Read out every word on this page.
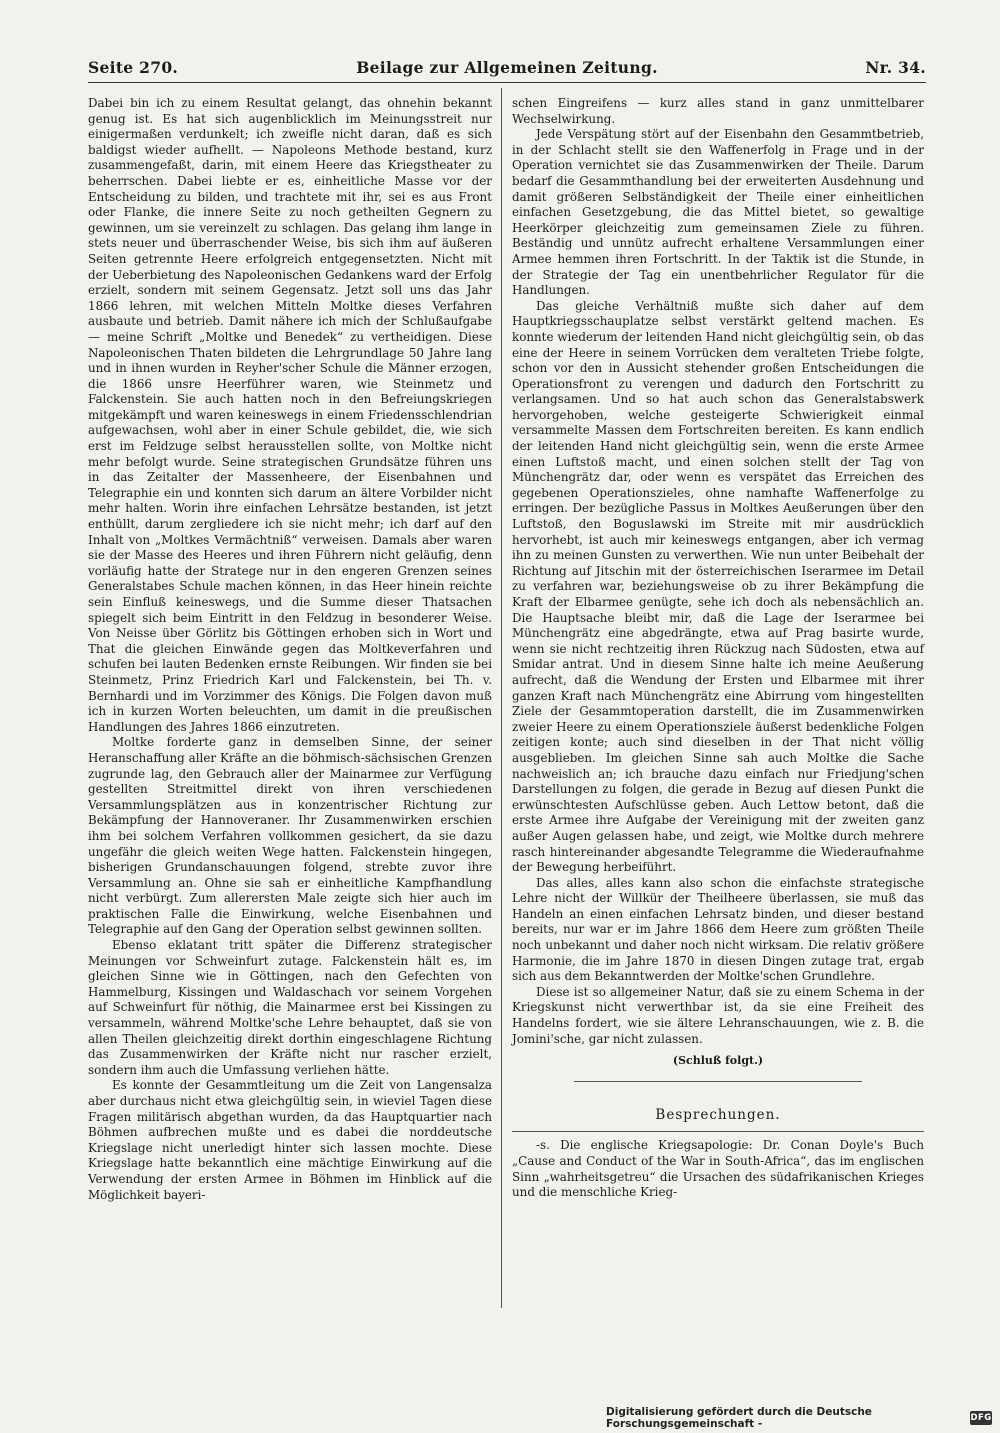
Seite 270.	Beilage zur Allgemeinen Zeitung.	Nr. 34.

Dabei bin ich zu einem Resultat gelangt, das ohnehin bekannt genug ist. Es hat sich augenblicklich im Meinungsstreit nur einigermaßen verdunkelt; ich zweifle nicht daran, daß es sich baldigst wieder aufhellt. — Napoleons Methode bestand, kurz zusammengefaßt, darin, mit einem Heere das Kriegstheater zu beherrschen. Dabei liebte er es, einheitliche Masse vor der Entscheidung zu bilden, und trachtete mit ihr, sei es aus Front oder Flanke, die innere Seite zu noch getheilten Gegnern zu gewinnen, um sie vereinzelt zu schlagen. Das gelang ihm lange in stets neuer und überraschender Weise, bis sich ihm auf äußeren Seiten getrennte Heere erfolgreich entgegensetzten. Nicht mit der Ueberbietung des Napoleonischen Gedankens ward der Erfolg erzielt, sondern mit seinem Gegensatz. Jetzt soll uns das Jahr 1866 lehren, mit welchen Mitteln Moltke dieses Verfahren ausbaute und betrieb. Damit nähere ich mich der Schlußaufgabe — meine Schrift „Moltke und Benedek“ zu vertheidigen. Diese Napoleonischen Thaten bildeten die Lehrgrundlage 50 Jahre lang und in ihnen wurden in Reyher'scher Schule die Männer erzogen, die 1866 unsre Heerführer waren, wie Steinmetz und Falckenstein. Sie auch hatten noch in den Befreiungskriegen mitgekämpft und waren keineswegs in einem Friedensschlendrian aufgewachsen, wohl aber in einer Schule gebildet, die, wie sich erst im Feldzuge selbst herausstellen sollte, von Moltke nicht mehr befolgt wurde. Seine strategischen Grundsätze führen uns in das Zeitalter der Massenheere, der Eisenbahnen und Telegraphie ein und konnten sich darum an ältere Vorbilder nicht mehr halten. Worin ihre einfachen Lehrsätze bestanden, ist jetzt enthüllt, darum zergliedere ich sie nicht mehr; ich darf auf den Inhalt von „Moltkes Vermächtniß“ verweisen. Damals aber waren sie der Masse des Heeres und ihren Führern nicht geläufig, denn vorläufig hatte der Stratege nur in den engeren Grenzen seines Generalstabes Schule machen können, in das Heer hinein reichte sein Einfluß keineswegs, und die Summe dieser Thatsachen spiegelt sich beim Eintritt in den Feldzug in besonderer Weise. Von Neisse über Görlitz bis Göttingen erhoben sich in Wort und That die gleichen Einwände gegen das Moltkeverfahren und schufen bei lauten Bedenken ernste Reibungen. Wir finden sie bei Steinmetz, Prinz Friedrich Karl und Falckenstein, bei Th. v. Bernhardi und im Vorzimmer des Königs. Die Folgen davon muß ich in kurzen Worten beleuchten, um damit in die preußischen Handlungen des Jahres 1866 einzutreten.

Moltke forderte ganz in demselben Sinne, der seiner Heranschaffung aller Kräfte an die böhmisch-sächsischen Grenzen zugrunde lag, den Gebrauch aller der Mainarmee zur Verfügung gestellten Streitmittel direkt von ihren verschiedenen Versammlungsplätzen aus in konzentrischer Richtung zur Bekämpfung der Hannoveraner. Ihr Zusammenwirken erschien ihm bei solchem Verfahren vollkommen gesichert, da sie dazu ungefähr die gleich weiten Wege hatten. Falckenstein hingegen, bisherigen Grundanschauungen folgend, strebte zuvor ihre Versammlung an. Ohne sie sah er einheitliche Kampfhandlung nicht verbürgt. Zum allerersten Male zeigte sich hier auch im praktischen Falle die Einwirkung, welche Eisenbahnen und Telegraphie auf den Gang der Operation selbst gewinnen sollten.

Ebenso eklatant tritt später die Differenz strategischer Meinungen vor Schweinfurt zutage. Falckenstein hält es, im gleichen Sinne wie in Göttingen, nach den Gefechten von Hammelburg, Kissingen und Waldaschach vor seinem Vorgehen auf Schweinfurt für nöthig, die Mainarmee erst bei Kissingen zu versammeln, während Moltke'sche Lehre behauptet, daß sie von allen Theilen gleichzeitig direkt dorthin eingeschlagene Richtung das Zusammenwirken der Kräfte nicht nur rascher erzielt, sondern ihm auch die Umfassung verliehen hätte.

Es konnte der Gesammtleitung um die Zeit von Langensalza aber durchaus nicht etwa gleichgültig sein, in wieviel Tagen diese Fragen militärisch abgethan wurden, da das Hauptquartier nach Böhmen aufbrechen mußte und es dabei die norddeutsche Kriegslage nicht unerledigt hinter sich lassen mochte. Diese Kriegslage hatte bekanntlich eine mächtige Einwirkung auf die Verwendung der ersten Armee in Böhmen im Hinblick auf die Möglichkeit bayeri-

schen Eingreifens — kurz alles stand in ganz unmittelbarer Wechselwirkung.

Jede Verspätung stört auf der Eisenbahn den Gesammtbetrieb, in der Schlacht stellt sie den Waffenerfolg in Frage und in der Operation vernichtet sie das Zusammenwirken der Theile. Darum bedarf die Gesammthandlung bei der erweiterten Ausdehnung und damit größeren Selbständigkeit der Theile einer einheitlichen einfachen Gesetzgebung, die das Mittel bietet, so gewaltige Heerkörper gleichzeitig zum gemeinsamen Ziele zu führen. Beständig und unnütz aufrecht erhaltene Versammlungen einer Armee hemmen ihren Fortschritt. In der Taktik ist die Stunde, in der Strategie der Tag ein unentbehrlicher Regulator für die Handlungen.

Das gleiche Verhältniß mußte sich daher auf dem Hauptkriegsschauplatze selbst verstärkt geltend machen. Es konnte wiederum der leitenden Hand nicht gleichgültig sein, ob das eine der Heere in seinem Vorrücken dem veralteten Triebe folgte, schon vor den in Aussicht stehender großen Entscheidungen die Operationsfront zu verengen und dadurch den Fortschritt zu verlangsamen. Und so hat auch schon das Generalstabswerk hervorgehoben, welche gesteigerte Schwierigkeit einmal versammelte Massen dem Fortschreiten bereiten. Es kann endlich der leitenden Hand nicht gleichgültig sein, wenn die erste Armee einen Luftstoß macht, und einen solchen stellt der Tag von Münchengrätz dar, oder wenn es verspätet das Erreichen des gegebenen Operationszieles, ohne namhafte Waffenerfolge zu erringen. Der bezügliche Passus in Moltkes Aeußerungen über den Luftstoß, den Boguslawski im Streite mit mir ausdrücklich hervorhebt, ist auch mir keineswegs entgangen, aber ich vermag ihn zu meinen Gunsten zu verwerthen. Wie nun unter Beibehalt der Richtung auf Jitschin mit der österreichischen Iserarmee im Detail zu verfahren war, beziehungsweise ob zu ihrer Bekämpfung die Kraft der Elbarmee genügte, sehe ich doch als nebensächlich an. Die Hauptsache bleibt mir, daß die Lage der Iserarmee bei Münchengrätz eine abgedrängte, etwa auf Prag basirte wurde, wenn sie nicht rechtzeitig ihren Rückzug nach Südosten, etwa auf Smidar antrat. Und in diesem Sinne halte ich meine Aeußerung aufrecht, daß die Wendung der Ersten und Elbarmee mit ihrer ganzen Kraft nach Münchengrätz eine Abirrung vom hingestellten Ziele der Gesammtoperation darstellt, die im Zusammenwirken zweier Heere zu einem Operationsziele äußerst bedenkliche Folgen zeitigen konte; auch sind dieselben in der That nicht völlig ausgeblieben. Im gleichen Sinne sah auch Moltke die Sache nachweislich an; ich brauche dazu einfach nur Friedjung'schen Darstellungen zu folgen, die gerade in Bezug auf diesen Punkt die erwünschtesten Aufschlüsse geben. Auch Lettow betont, daß die erste Armee ihre Aufgabe der Vereinigung mit der zweiten ganz außer Augen gelassen habe, und zeigt, wie Moltke durch mehrere rasch hintereinander abgesandte Telegramme die Wiederaufnahme der Bewegung herbeiführt.

Das alles, alles kann also schon die einfachste strategische Lehre nicht der Willkür der Theilheere überlassen, sie muß das Handeln an einen einfachen Lehrsatz binden, und dieser bestand bereits, nur war er im Jahre 1866 dem Heere zum größten Theile noch unbekannt und daher noch nicht wirksam. Die relativ größere Harmonie, die im Jahre 1870 in diesen Dingen zutage trat, ergab sich aus dem Bekanntwerden der Moltke'schen Grundlehre.

Diese ist so allgemeiner Natur, daß sie zu einem Schema in der Kriegskunst nicht verwerthbar ist, da sie eine Freiheit des Handelns fordert, wie sie ältere Lehranschauungen, wie z. B. die Jomini'sche, gar nicht zulassen.

(Schluß folgt.)

Besprechungen.

-s. Die englische Kriegsapologie: Dr. Conan Doyle's Buch „Cause and Conduct of the War in South-Africa“, das im englischen Sinn „wahrheitsgetreu“ die Ursachen des südafrikanischen Krieges und die menschliche Krieg-

Digitalisierung gefördert durch die Deutsche Forschungsgemeinschaft -	DFG
